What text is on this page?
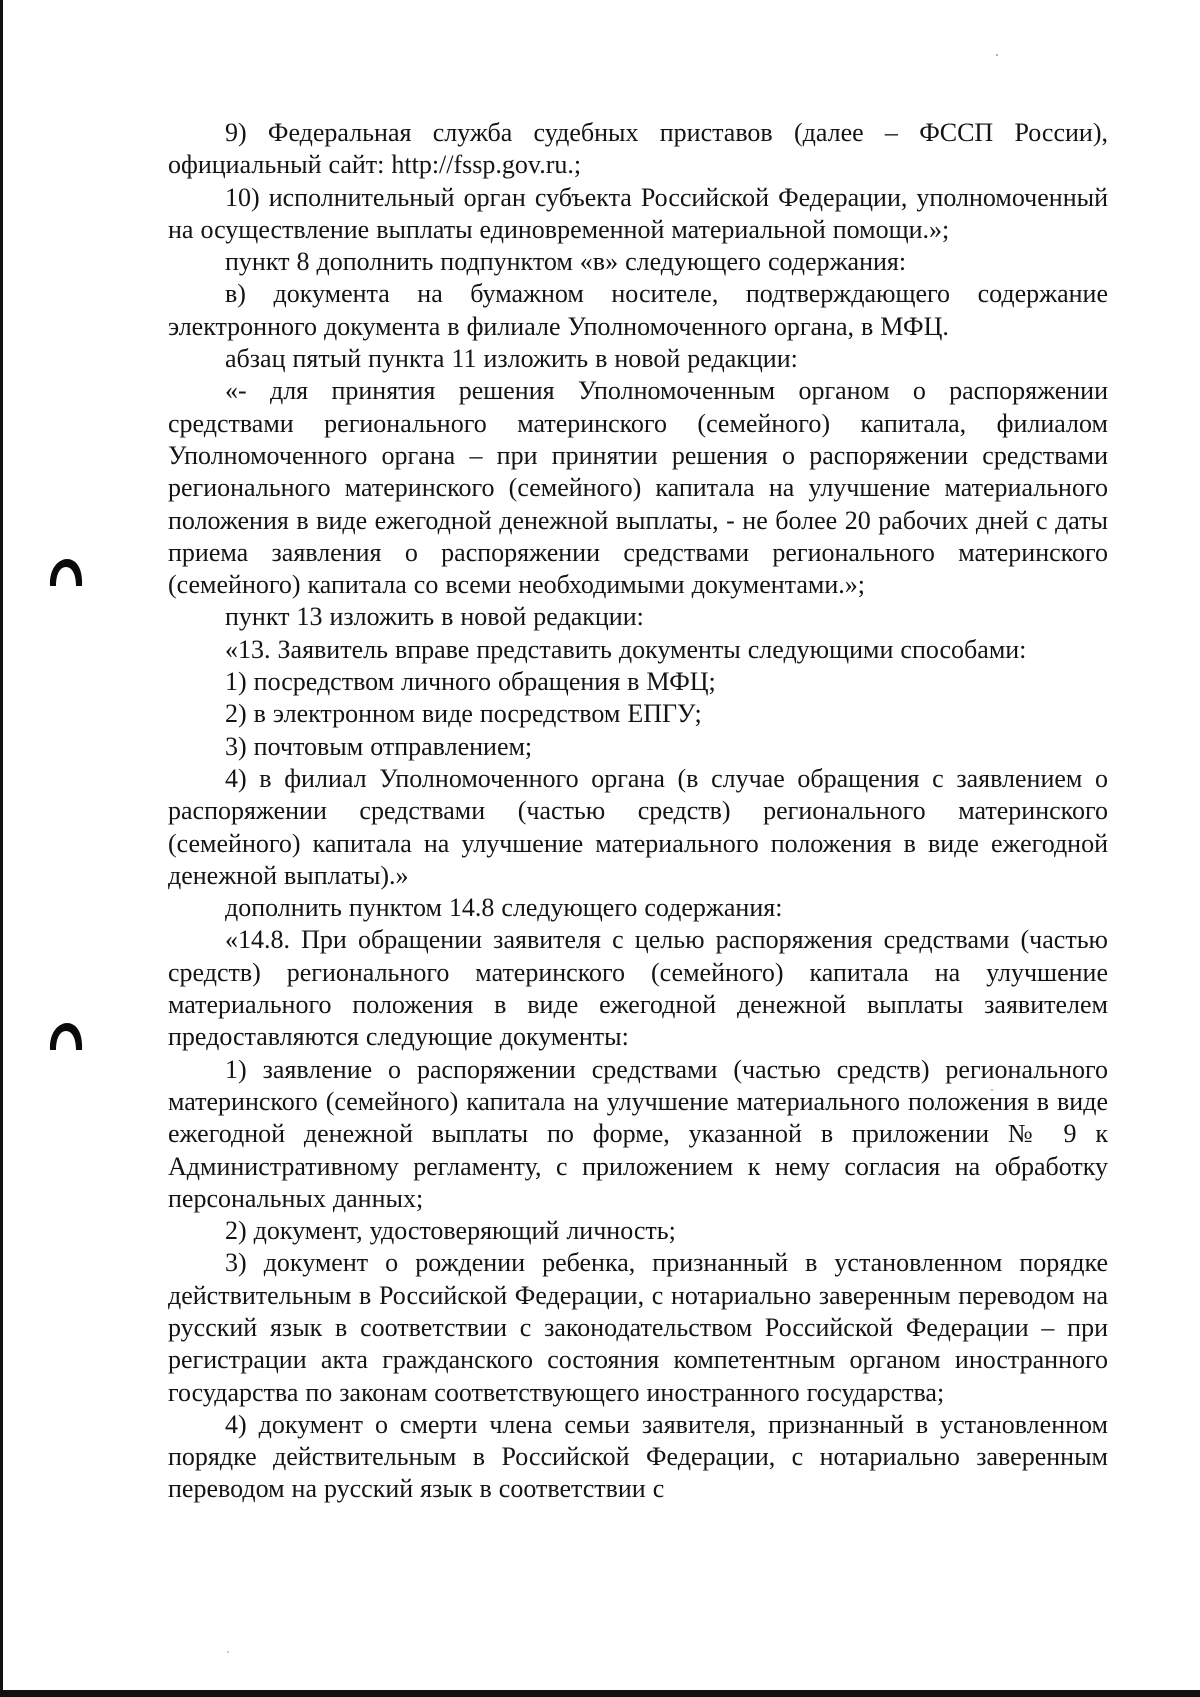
9) Федеральная служба судебных приставов (далее – ФССП России), официальный сайт: http://fssp.gov.ru.;

10) исполнительный орган субъекта Российской Федерации, уполномоченный на осуществление выплаты единовременной материальной помощи.»;

пункт 8 дополнить подпунктом «в» следующего содержания:

в) документа на бумажном носителе, подтверждающего содержание электронного документа в филиале Уполномоченного органа, в МФЦ.

абзац пятый пункта 11 изложить в новой редакции:

«- для принятия решения Уполномоченным органом о распоряжении средствами регионального материнского (семейного) капитала, филиалом Уполномоченного органа – при принятии решения о распоряжении средствами регионального материнского (семейного) капитала на улучшение материального положения в виде ежегодной денежной выплаты, - не более 20 рабочих дней с даты приема заявления о распоряжении средствами регионального материнского (семейного) капитала со всеми необходимыми документами.»;

пункт 13 изложить в новой редакции:

«13. Заявитель вправе представить документы следующими способами:

1) посредством личного обращения в МФЦ;

2) в электронном виде посредством ЕПГУ;

3) почтовым отправлением;

4) в филиал Уполномоченного органа (в случае обращения с заявлением о распоряжении средствами (частью средств) регионального материнского (семейного) капитала на улучшение материального положения в виде ежегодной денежной выплаты).»

дополнить пунктом 14.8 следующего содержания:

«14.8. При обращении заявителя с целью распоряжения средствами (частью средств) регионального материнского (семейного) капитала на улучшение материального положения в виде ежегодной денежной выплаты заявителем предоставляются следующие документы:

1) заявление о распоряжении средствами (частью средств) регионального материнского (семейного) капитала на улучшение материального положения в виде ежегодной денежной выплаты по форме, указанной в приложении № 9 к Административному регламенту, с приложением к нему согласия на обработку персональных данных;

2) документ, удостоверяющий личность;

3) документ о рождении ребенка, признанный в установленном порядке действительным в Российской Федерации, с нотариально заверенным переводом на русский язык в соответствии с законодательством Российской Федерации – при регистрации акта гражданского состояния компетентным органом иностранного государства по законам соответствующего иностранного государства;

4) документ о смерти члена семьи заявителя, признанный в установленном порядке действительным в Российской Федерации, с нотариально заверенным переводом на русский язык в соответствии с
